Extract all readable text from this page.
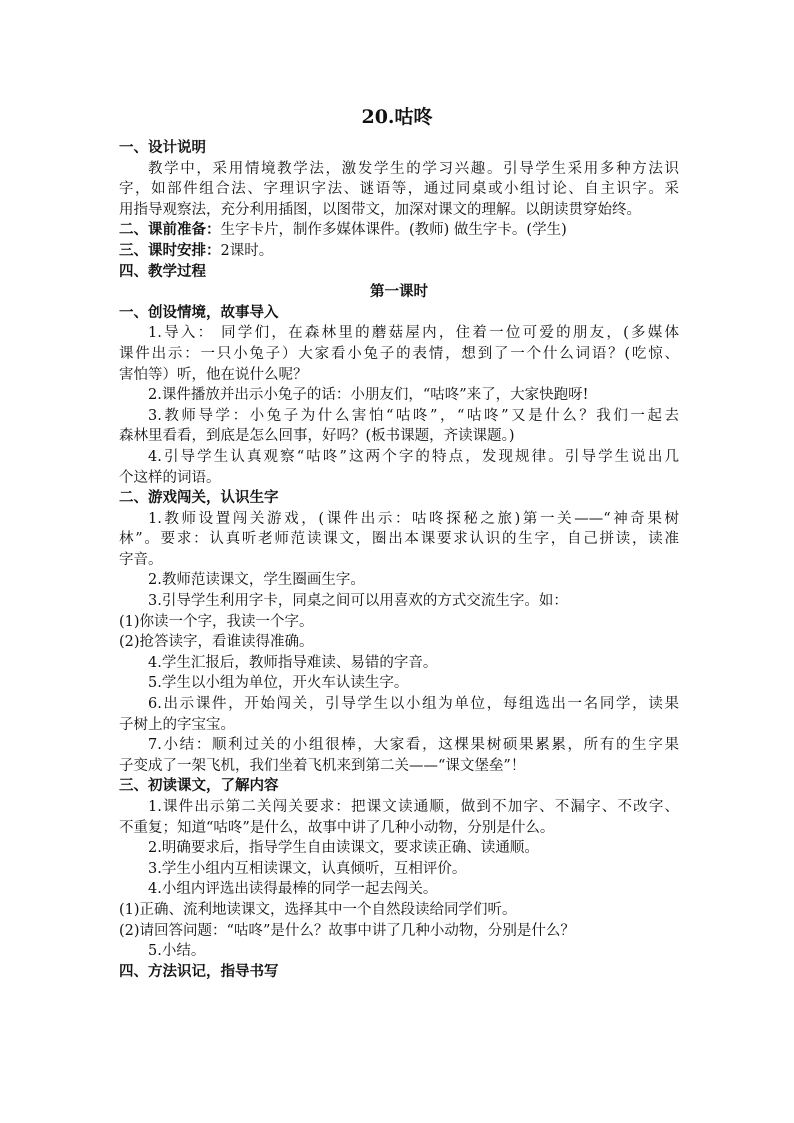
20.咕咚

一、设计说明

教学中，采用情境教学法，激发学生的学习兴趣。引导学生采用多种方法识

字，如部件组合法、字理识字法、谜语等，通过同桌或小组讨论、自主识字。采

用指导观察法，充分利用插图，以图带文，加深对课文的理解。以朗读贯穿始终。

二、课前准备：生字卡片，制作多媒体课件。(教师) 做生字卡。(学生)

三、课时安排：2课时。

四、教学过程

第一课时

一、创设情境，故事导入

1.导入： 同学们，在森林里的蘑菇屋内，住着一位可爱的朋友，(多媒体

课件出示：一只小兔子）大家看小兔子的表情，想到了一个什么词语？(吃惊、

害怕等）听，他在说什么呢？

2.课件播放并出示小兔子的话：小朋友们，“咕咚”来了，大家快跑呀!

3.教师导学：小兔子为什么害怕“咕咚”，“咕咚”又是什么？我们一起去

森林里看看，到底是怎么回事，好吗？(板书课题，齐读课题。)

4.引导学生认真观察“咕咚”这两个字的特点，发现规律。引导学生说出几

个这样的词语。

二、游戏闯关，认识生字

1.教师设置闯关游戏，(课件出示：咕咚探秘之旅)第一关——“神奇果树

林”。要求：认真听老师范读课文，圈出本课要求认识的生字，自己拼读，读准

字音。

2.教师范读课文，学生圈画生字。

3.引导学生利用字卡，同桌之间可以用喜欢的方式交流生字。如：

(1)你读一个字，我读一个字。

(2)抢答读字，看谁读得准确。

4.学生汇报后，教师指导难读、易错的字音。

5.学生以小组为单位，开火车认读生字。

6.出示课件，开始闯关，引导学生以小组为单位，每组选出一名同学，读果

子树上的字宝宝。

7.小结：顺利过关的小组很棒，大家看，这棵果树硕果累累，所有的生字果

子变成了一架飞机，我们坐着飞机来到第二关——“课文堡垒”！

三、初读课文，了解内容

1.课件出示第二关闯关要求：把课文读通顺，做到不加字、不漏字、不改字、

不重复；知道“咕咚”是什么，故事中讲了几种小动物，分别是什么。

2.明确要求后，指导学生自由读课文，要求读正确、读通顺。

3.学生小组内互相读课文，认真倾听，互相评价。

4.小组内评选出读得最棒的同学一起去闯关。

(1)正确、流利地读课文，选择其中一个自然段读给同学们听。

(2)请回答问题：“咕咚”是什么？故事中讲了几种小动物，分别是什么？

5.小结。

四、方法识记，指导书写
